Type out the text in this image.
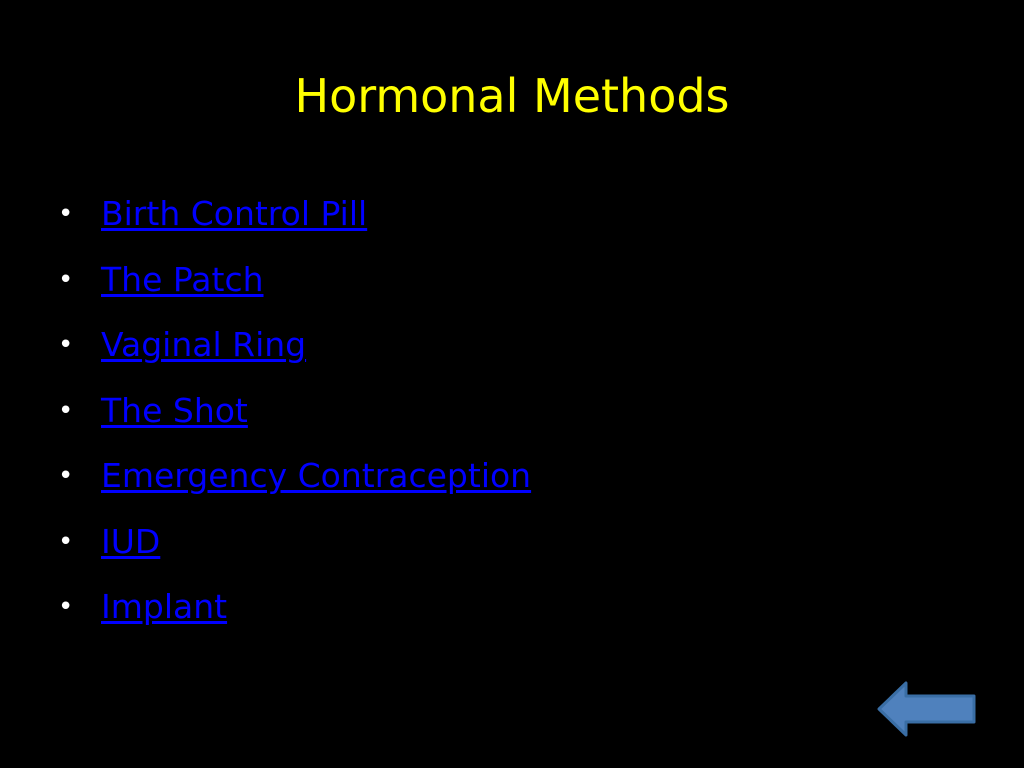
Hormonal Methods
• Birth Control Pill
• The Patch
• Vaginal Ring
• The Shot
• Emergency Contraception
• IUD
• Implant
